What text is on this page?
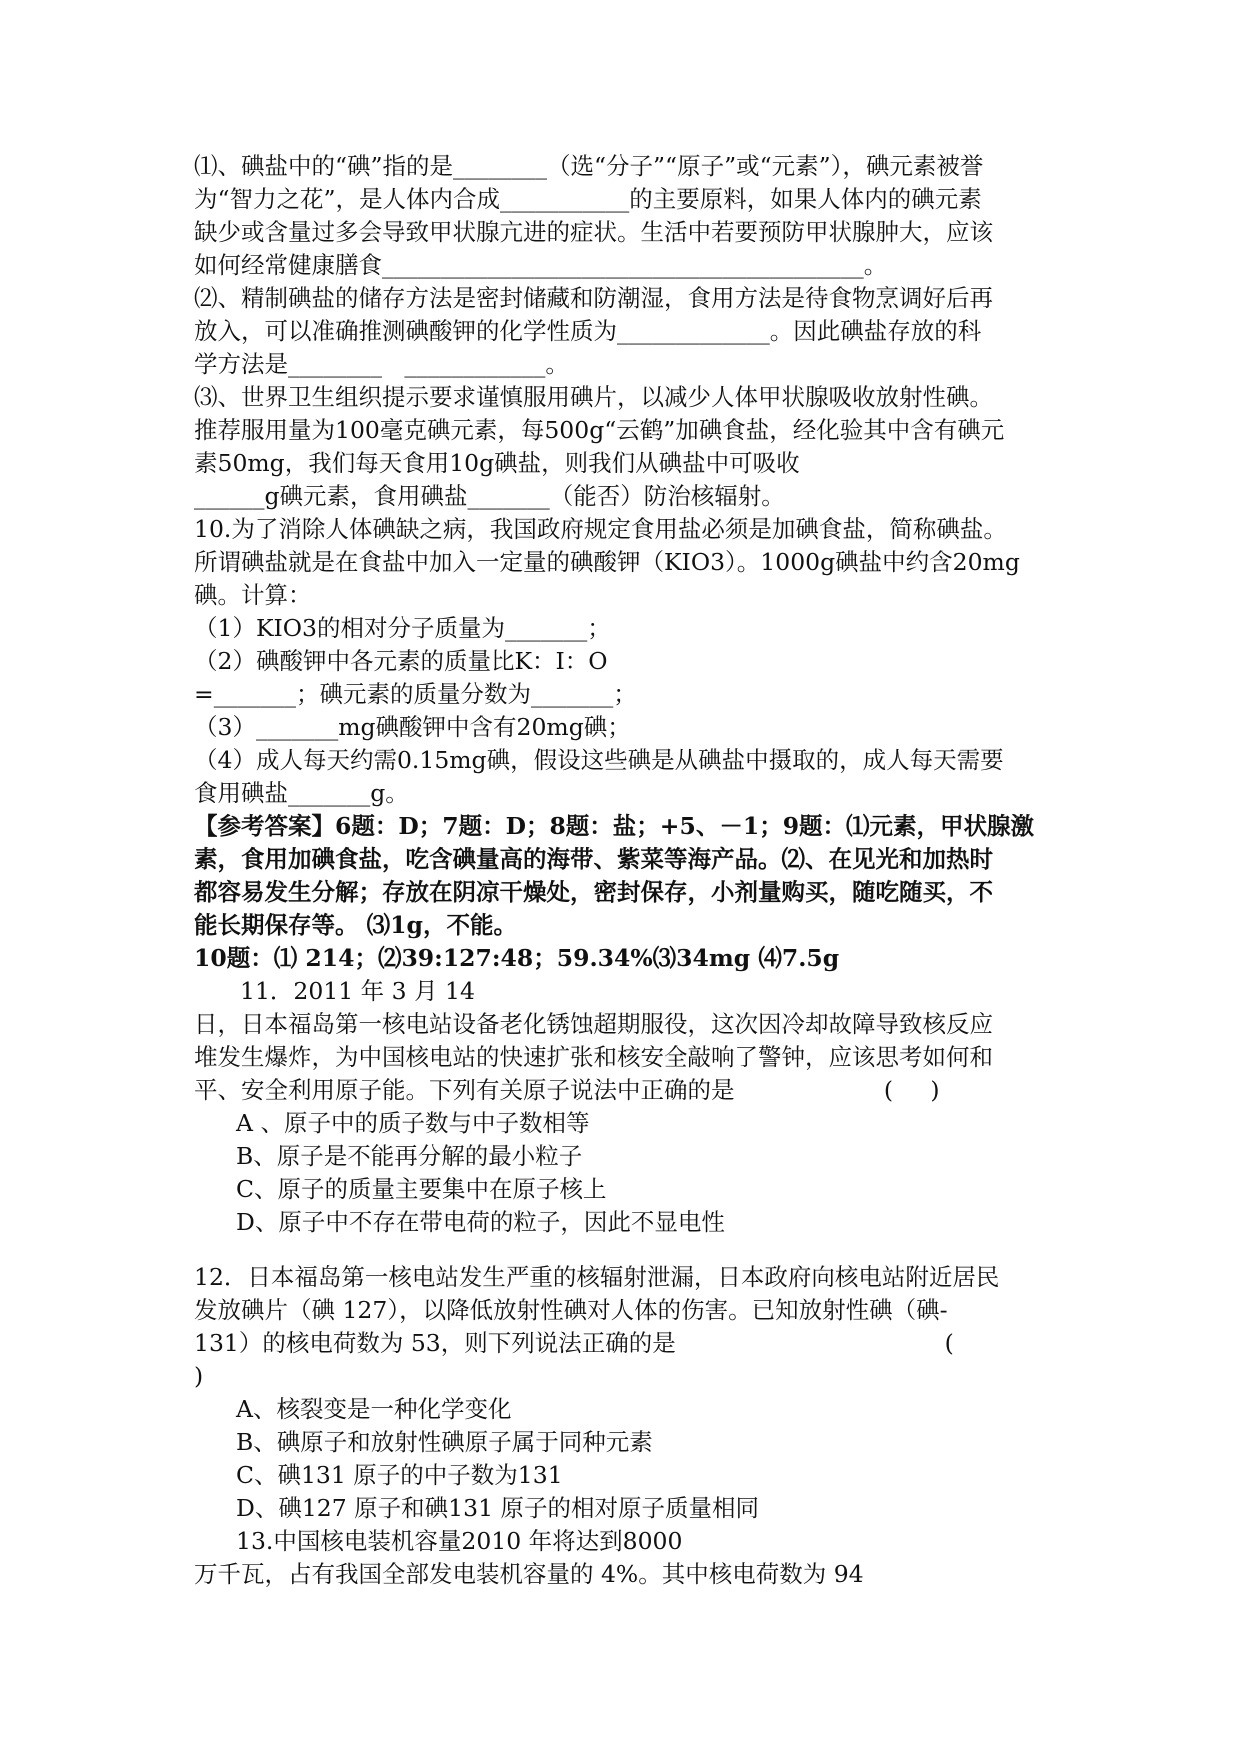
⑴、碘盐中的“碘”指的是________（选“分子”“原子”或“元素”），碘元素被誉
为“智力之花”，是人体内合成___________的主要原料，如果人体内的碘元素
缺少或含量过多会导致甲状腺亢进的症状。生活中若要预防甲状腺肿大，应该
如何经常健康膳食_________________________________________。
⑵、精制碘盐的储存方法是密封储藏和防潮湿，食用方法是待食物烹调好后再
放入，可以准确推测碘酸钾的化学性质为_____________。因此碘盐存放的科
学方法是________   ____________。
⑶、世界卫生组织提示要求谨慎服用碘片，以减少人体甲状腺吸收放射性碘。
推荐服用量为100毫克碘元素，每500g“云鹤”加碘食盐，经化验其中含有碘元
素50mg，我们每天食用10g碘盐，则我们从碘盐中可吸收
______g碘元素，食用碘盐_______（能否）防治核辐射。
10.为了消除人体碘缺之病，我国政府规定食用盐必须是加碘食盐，简称碘盐。
所谓碘盐就是在食盐中加入一定量的碘酸钾（KIO3）。1000g碘盐中约含20mg
碘。计算：
（1）KIO3的相对分子质量为_______；
（2）碘酸钾中各元素的质量比K：I：O
=_______；碘元素的质量分数为_______；
（3）_______mg碘酸钾中含有20mg碘；
（4）成人每天约需0.15mg碘，假设这些碘是从碘盐中摄取的，成人每天需要
食用碘盐_______g。
【参考答案】6题：D；7题：D；8题：盐；+5、－1；9题：⑴元素，甲状腺激
素，食用加碘食盐，吃含碘量高的海带、紫菜等海产品。⑵、在见光和加热时
都容易发生分解；存放在阴凉干燥处，密封保存，小剂量购买，随吃随买，不
能长期保存等。 ⑶1g，不能。
10题：⑴ 214；⑵39:127:48；59.34%⑶34mg ⑷7.5g
11．2011 年 3 月 14
日，日本福岛第一核电站设备老化锈蚀超期服役，这次因冷却故障导致核反应
堆发生爆炸，为中国核电站的快速扩张和核安全敲响了警钟，应该思考如何和
平、安全利用原子能。下列有关原子说法中正确的是                    (     )
A 、原子中的质子数与中子数相等
B、原子是不能再分解的最小粒子
C、原子的质量主要集中在原子核上
D、原子中不存在带电荷的粒子，因此不显电性
12．日本福岛第一核电站发生严重的核辐射泄漏，日本政府向核电站附近居民
发放碘片（碘 127），以降低放射性碘对人体的伤害。已知放射性碘（碘-
131）的核电荷数为 53，则下列说法正确的是                                    (
)
A、核裂变是一种化学变化
B、碘原子和放射性碘原子属于同种元素
C、碘131 原子的中子数为131
D、碘127 原子和碘131 原子的相对原子质量相同
13.中国核电装机容量2010 年将达到8000
万千瓦，占有我国全部发电装机容量的 4%。其中核电荷数为 94
